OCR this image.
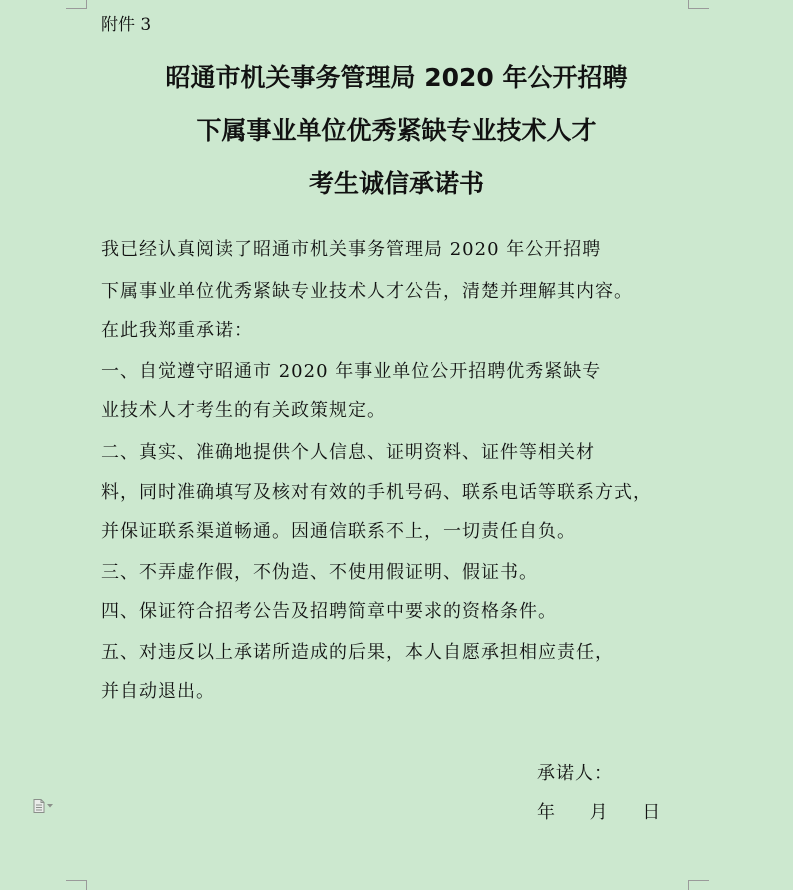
附件 3
昭通市机关事务管理局 2020 年公开招聘
下属事业单位优秀紧缺专业技术人才
考生诚信承诺书
我已经认真阅读了昭通市机关事务管理局 2020 年公开招聘
下属事业单位优秀紧缺专业技术人才公告，清楚并理解其内容。
在此我郑重承诺：
一、自觉遵守昭通市 2020 年事业单位公开招聘优秀紧缺专
业技术人才考生的有关政策规定。
二、真实、准确地提供个人信息、证明资料、证件等相关材
料，同时准确填写及核对有效的手机号码、联系电话等联系方式，
并保证联系渠道畅通。因通信联系不上，一切责任自负。
三、不弄虚作假，不伪造、不使用假证明、假证书。
四、保证符合招考公告及招聘简章中要求的资格条件。
五、对违反以上承诺所造成的后果，本人自愿承担相应责任，
并自动退出。
承诺人：
年     月     日
